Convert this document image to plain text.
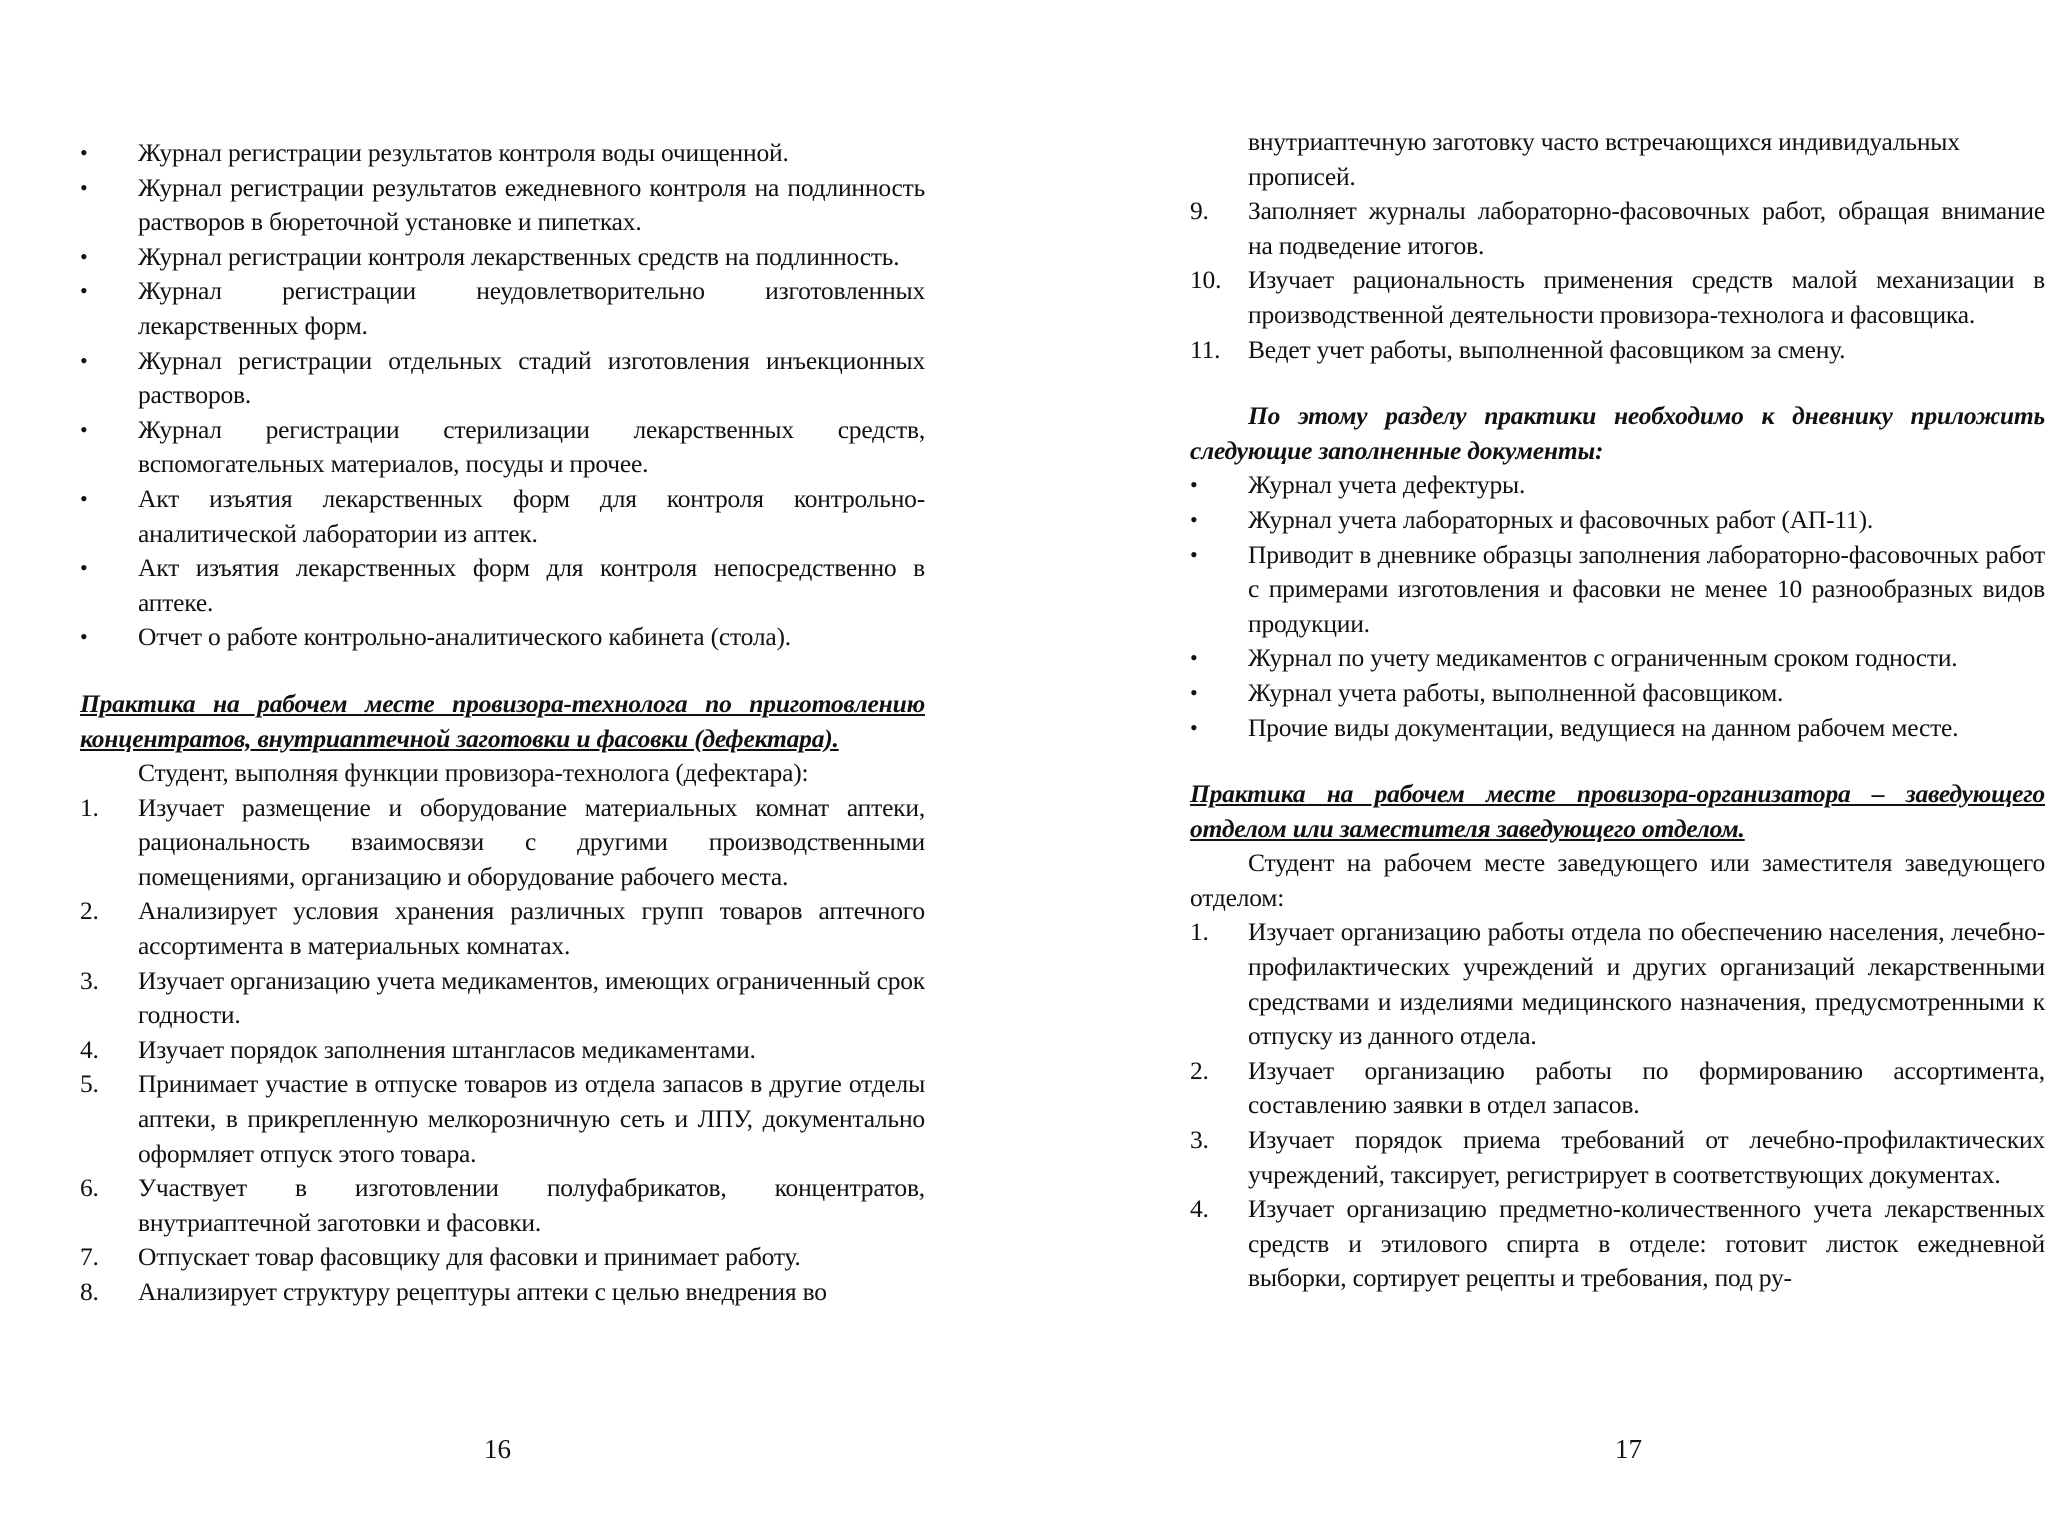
• Журнал регистрации результатов контроля воды очищенной.
• Журнал регистрации результатов ежедневного контроля на подлинность растворов в бюреточной установке и пипетках.
• Журнал регистрации контроля лекарственных средств на подлинность.
• Журнал регистрации неудовлетворительно изготовленных лекарственных форм.
• Журнал регистрации отдельных стадий изготовления инъекционных растворов.
• Журнал регистрации стерилизации лекарственных средств, вспомогательных материалов, посуды и прочее.
• Акт изъятия лекарственных форм для контроля контрольно-аналитической лаборатории из аптек.
• Акт изъятия лекарственных форм для контроля непосредственно в аптеке.
• Отчет о работе контрольно-аналитического кабинета (стола).

Практика на рабочем месте провизора-технолога по приготовлению концентратов, внутриаптечной заготовки и фасовки (дефектара).

Студент, выполняя функции провизора-технолога (дефектара):

1. Изучает размещение и оборудование материальных комнат аптеки, рациональность взаимосвязи с другими производственными помещениями, организацию и оборудование рабочего места.
2. Анализирует условия хранения различных групп товаров аптечного ассортимента в материальных комнатах.
3. Изучает организацию учета медикаментов, имеющих ограниченный срок годности.
4. Изучает порядок заполнения штангласов медикаментами.
5. Принимает участие в отпуске товаров из отдела запасов в другие отделы аптеки, в прикрепленную мелкорозничную сеть и ЛПУ, документально оформляет отпуск этого товара.
6. Участвует в изготовлении полуфабрикатов, концентратов, внутриаптечной заготовки и фасовки.
7. Отпускает товар фасовщику для фасовки и принимает работу.
8. Анализирует структуру рецептуры аптеки с целью внедрения во
16

внутриаптечную заготовку часто встречающихся индивидуальных прописей.

9. Заполняет журналы лабораторно-фасовочных работ, обращая внимание на подведение итогов.
10. Изучает рациональность применения средств малой механизации в производственной деятельности провизора-технолога и фасовщика.
11. Ведет учет работы, выполненной фасовщиком за смену.

По этому разделу практики необходимо к дневнику приложить следующие заполненные документы:

• Журнал учета дефектуры.
• Журнал учета лабораторных и фасовочных работ (АП-11).
• Приводит в дневнике образцы заполнения лабораторно-фасовочных работ с примерами изготовления и фасовки не менее 10 разнообразных видов продукции.
• Журнал по учету медикаментов с ограниченным сроком годности.
• Журнал учета работы, выполненной фасовщиком.
• Прочие виды документации, ведущиеся на данном рабочем месте.

Практика на рабочем месте провизора-организатора – заведующего отделом или заместителя заведующего отделом.

Студент на рабочем месте заведующего или заместителя заведующего отделом:

1. Изучает организацию работы отдела по обеспечению населения, лечебно-профилактических учреждений и других организаций лекарственными средствами и изделиями медицинского назначения, предусмотренными к отпуску из данного отдела.
2. Изучает организацию работы по формированию ассортимента, составлению заявки в отдел запасов.
3. Изучает порядок приема требований от лечебно-профилактических учреждений, таксирует, регистрирует в соответствующих документах.
4. Изучает организацию предметно-количественного учета лекарственных средств и этилового спирта в отделе: готовит листок ежедневной выборки, сортирует рецепты и требования, под ру-
17
